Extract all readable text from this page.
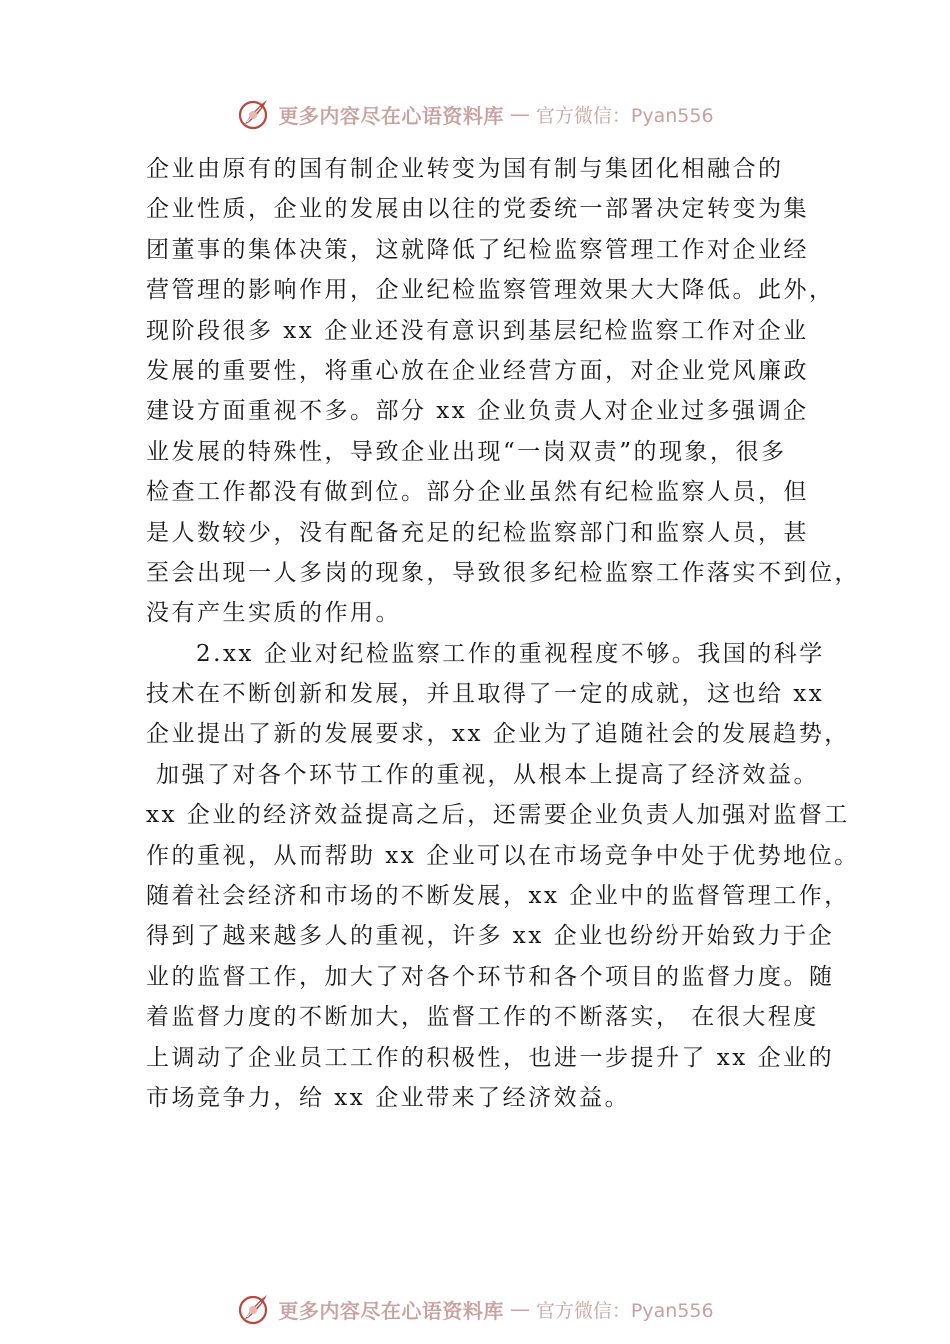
更多内容尽在心语资料库 — 官方微信：Pyan556
企业由原有的国有制企业转变为国有制与集团化相融合的
企业性质，企业的发展由以往的党委统一部署决定转变为集
团董事的集体决策，这就降低了纪检监察管理工作对企业经
营管理的影响作用，企业纪检监察管理效果大大降低。此外，
现阶段很多 xx 企业还没有意识到基层纪检监察工作对企业
发展的重要性，将重心放在企业经营方面，对企业党风廉政
建设方面重视不多。部分 xx 企业负责人对企业过多强调企
业发展的特殊性，导致企业出现“一岗双责”的现象，很多
检查工作都没有做到位。部分企业虽然有纪检监察人员，但
是人数较少，没有配备充足的纪检监察部门和监察人员，甚
至会出现一人多岗的现象，导致很多纪检监察工作落实不到位，
没有产生实质的作用。
2.xx 企业对纪检监察工作的重视程度不够。我国的科学
技术在不断创新和发展，并且取得了一定的成就，这也给 xx
企业提出了新的发展要求，xx 企业为了追随社会的发展趋势，
加强了对各个环节工作的重视，从根本上提高了经济效益。
xx 企业的经济效益提高之后，还需要企业负责人加强对监督工
作的重视，从而帮助 xx 企业可以在市场竞争中处于优势地位。
随着社会经济和市场的不断发展，xx 企业中的监督管理工作，
得到了越来越多人的重视，许多 xx 企业也纷纷开始致力于企
业的监督工作，加大了对各个环节和各个项目的监督力度。随
着监督力度的不断加大，监督工作的不断落实， 在很大程度
上调动了企业员工工作的积极性，也进一步提升了 xx 企业的
市场竞争力，给 xx 企业带来了经济效益。
更多内容尽在心语资料库 — 官方微信：Pyan556
